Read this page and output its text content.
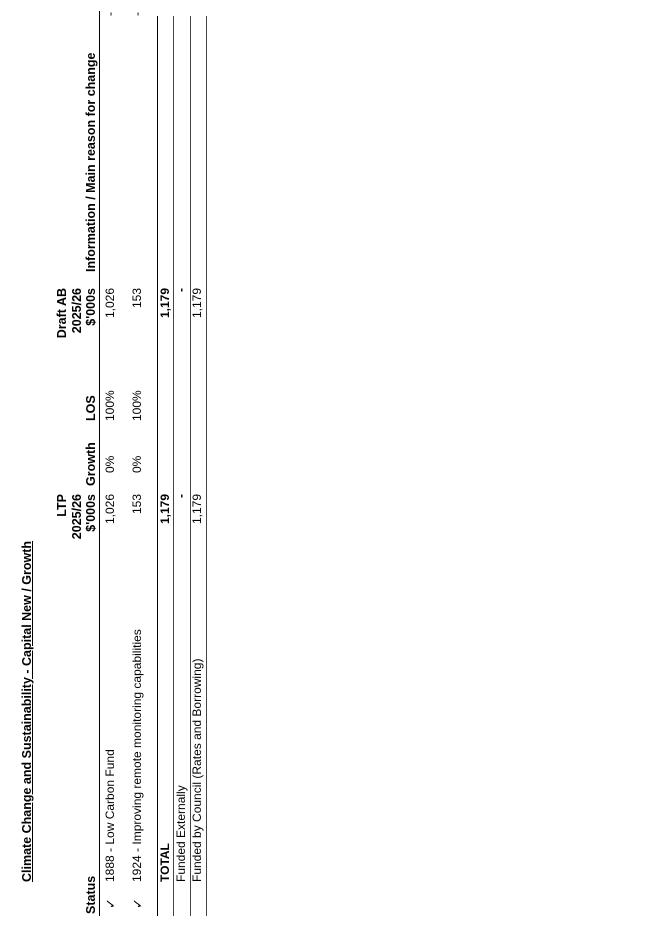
Climate Change and Sustainability - Capital New / Growth
Status
LTP 2025/26 $'000s
Growth
LOS
Draft AB 2025/26 $'000s
Information / Main reason for change
✓
1888 - Low Carbon Fund
1,026
0%
100%
1,026
-
✓
1924 - Improving remote monitoring capabilities
153
0%
100%
153
-
TOTAL
1,179
1,179
Funded Externally
-
-
Funded by Council (Rates and Borrowing)
1,179
1,179
